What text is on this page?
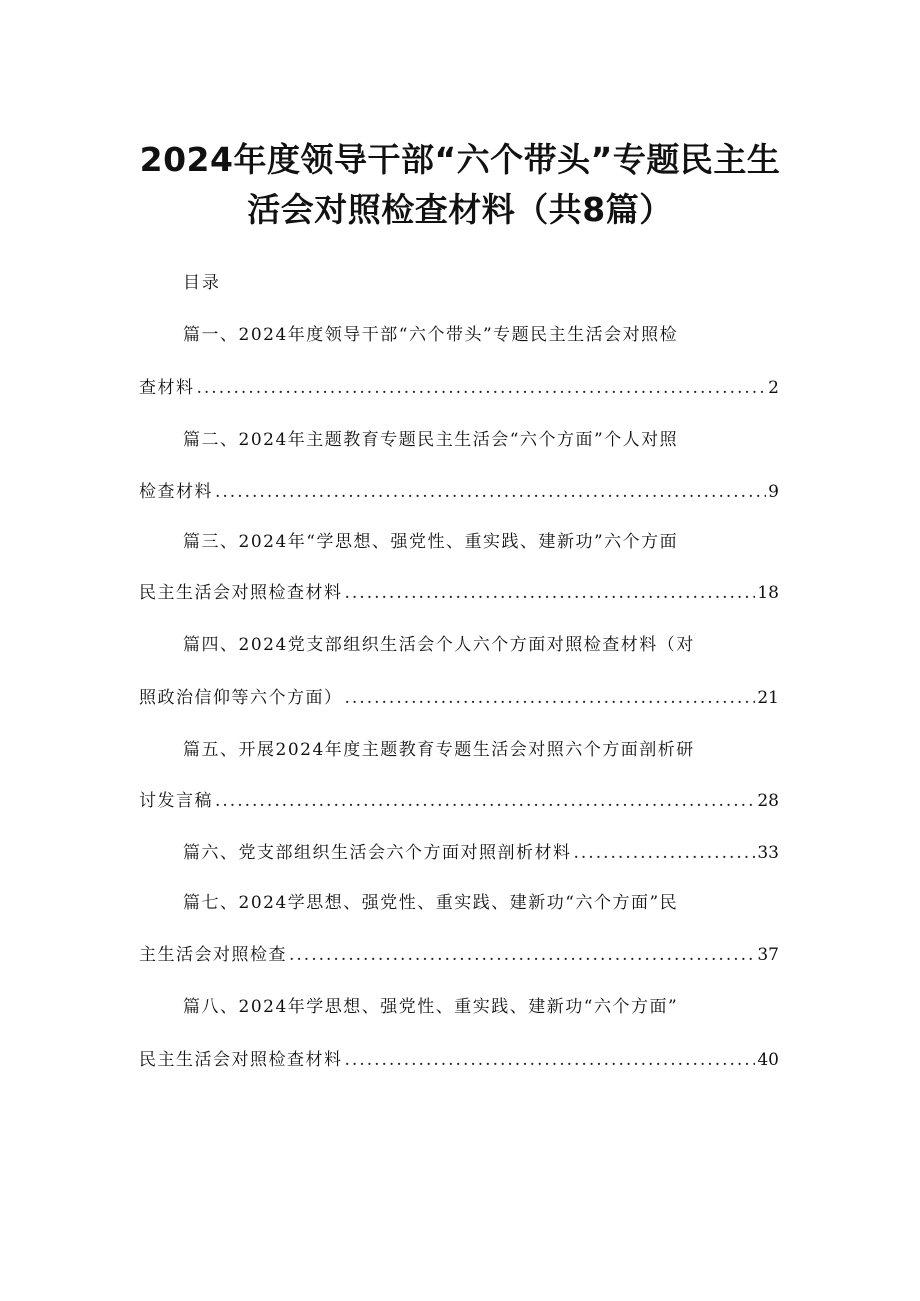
2024年度领导干部“六个带头”专题民主生
活会对照检查材料（共8篇）
目录
篇一、2024年度领导干部“六个带头”专题民主生活会对照检
查材料 .....	2
篇二、2024年主题教育专题民主生活会“六个方面”个人对照
检查材料 .....	9
篇三、2024年“学思想、强党性、重实践、建新功”六个方面
民主生活会对照检查材料 .....	18
篇四、2024党支部组织生活会个人六个方面对照检查材料（对
照政治信仰等六个方面） .....	21
篇五、开展2024年度主题教育专题生活会对照六个方面剖析研
讨发言稿 .....	28
篇六、党支部组织生活会六个方面对照剖析材料 .....	33
篇七、2024学思想、强党性、重实践、建新功“六个方面”民
主生活会对照检查 .....	37
篇八、2024年学思想、强党性、重实践、建新功“六个方面”
民主生活会对照检查材料 .....	40
